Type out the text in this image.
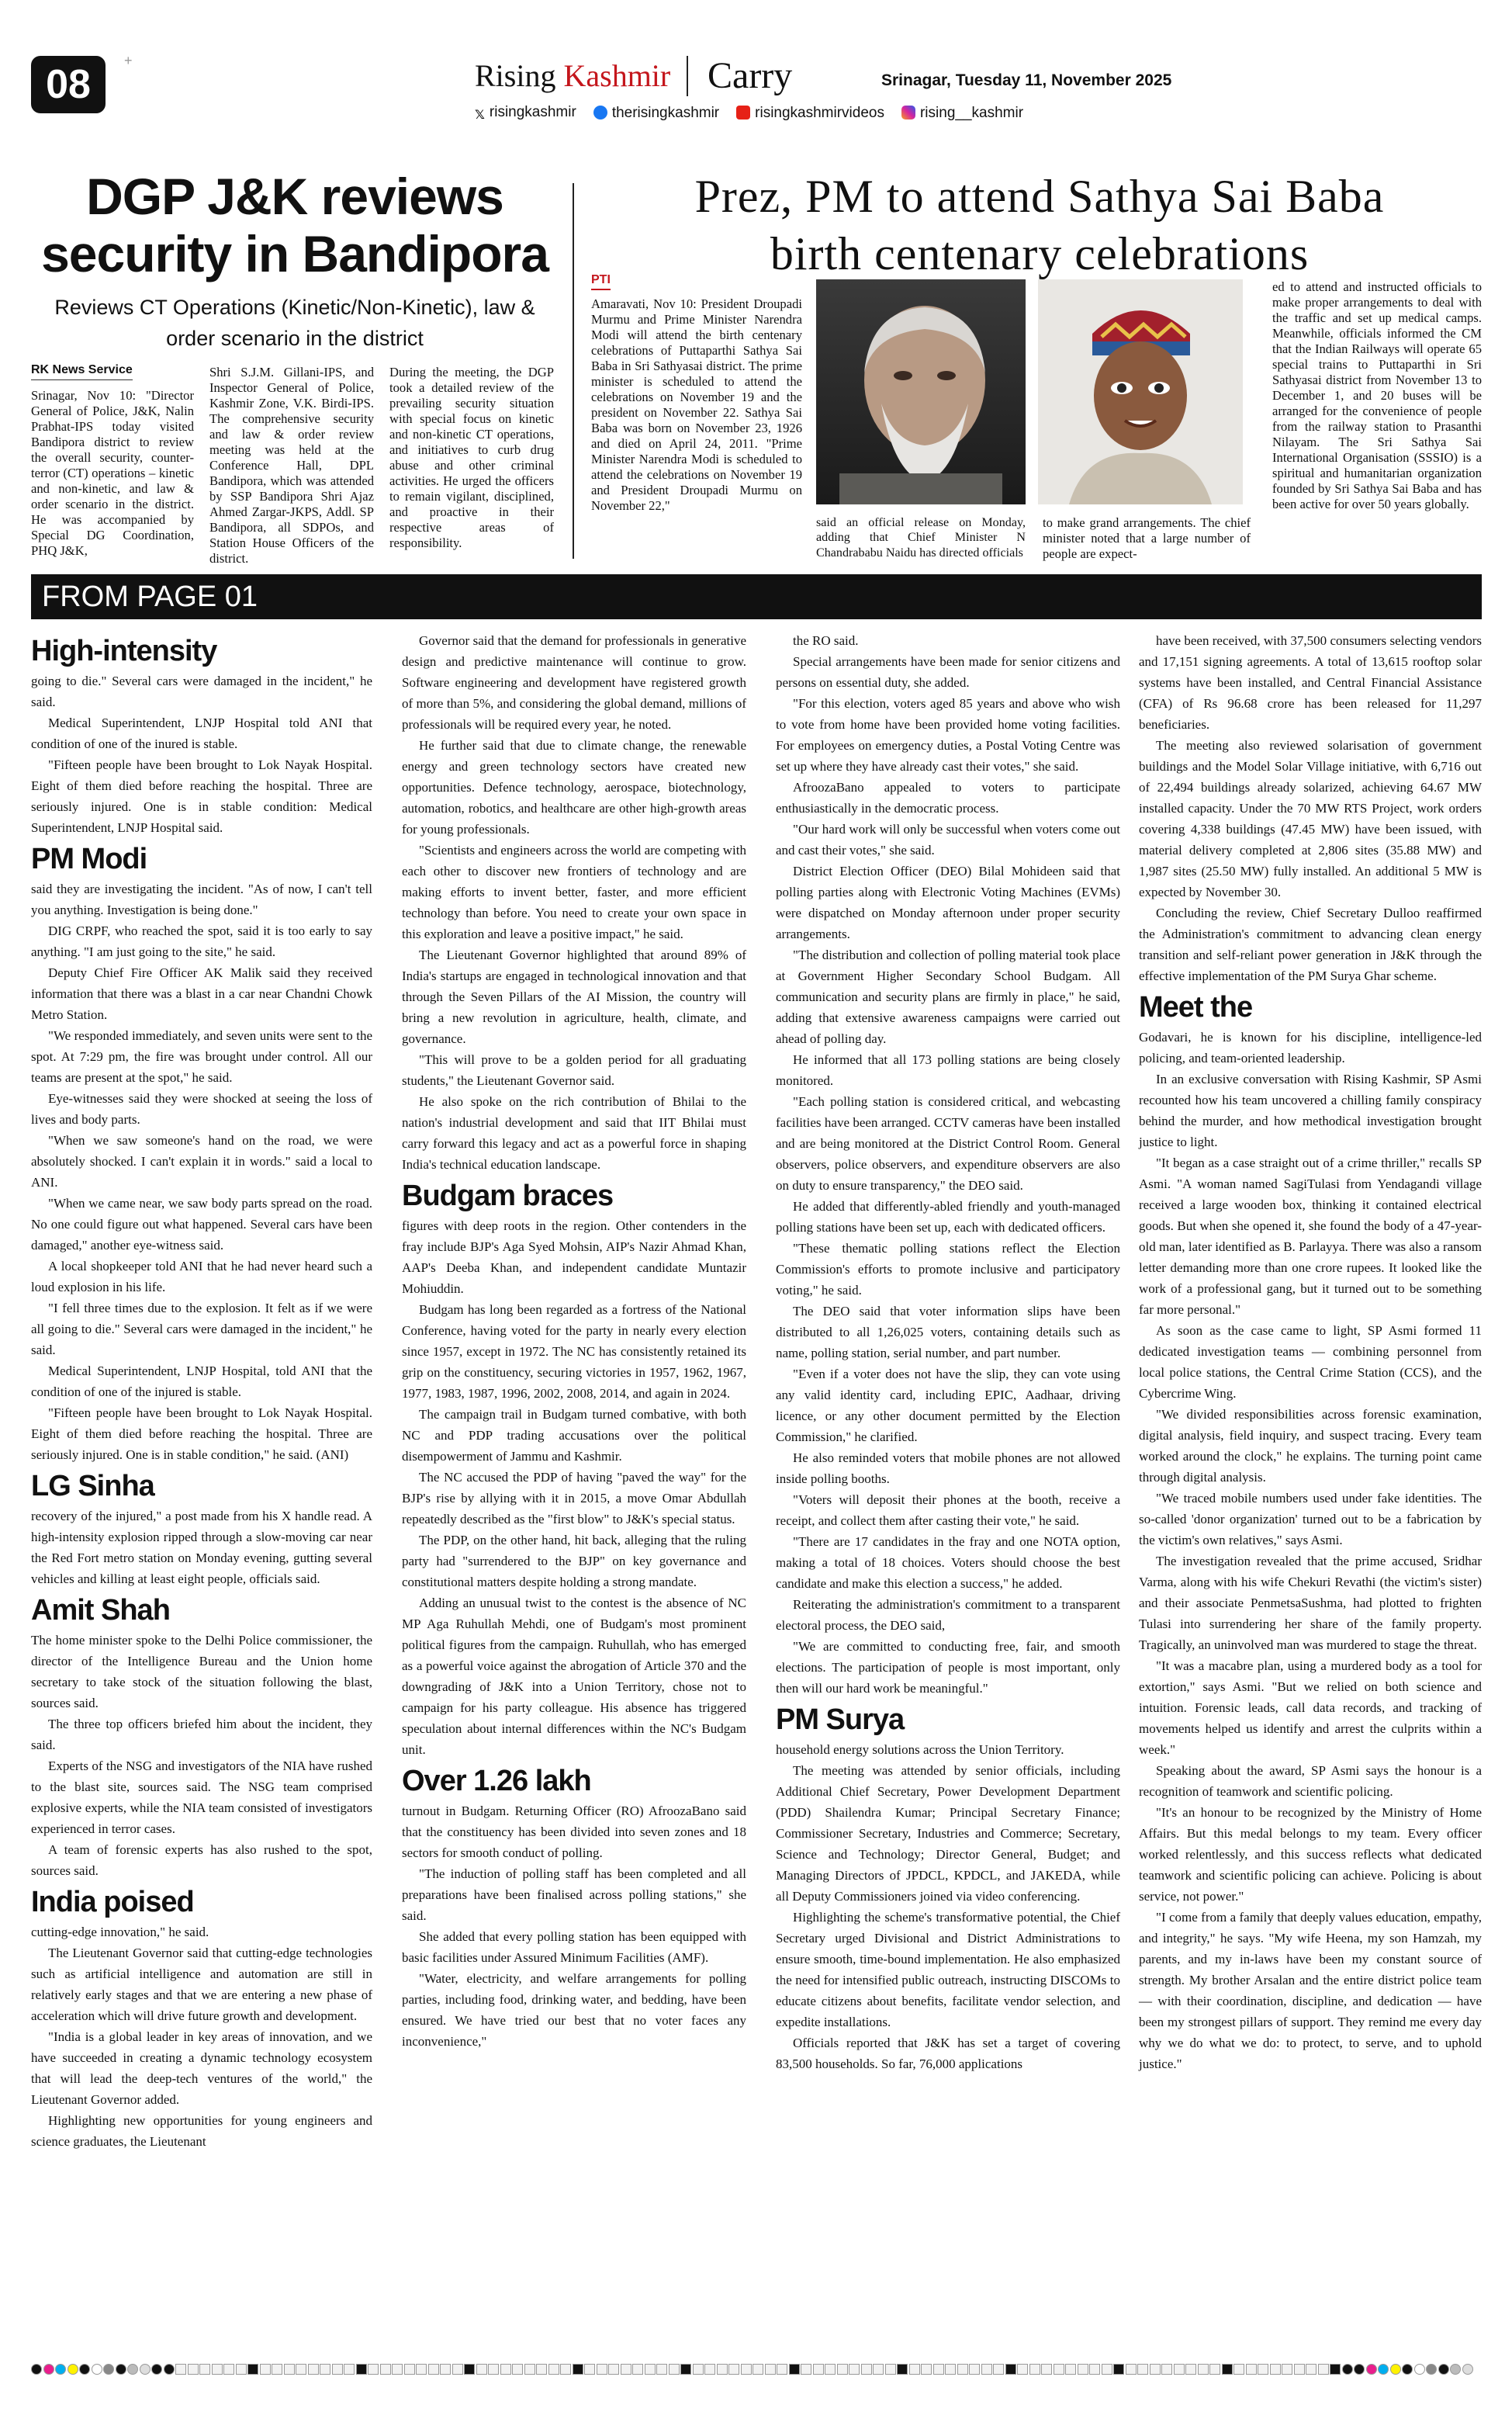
+
08	Rising Kashmir Carry	Srinagar, Tuesday 11, November 2025
𝕏 risingkashmir	therisingkashmir	risingkashmirvideos	rising__kashmir
DGP J&K reviews security in Bandipora
Reviews CT Operations (Kinetic/Non-Kinetic), law & order scenario in the district
RK News Service

Srinagar, Nov 10: "Director General of Police, J&K, Nalin Prabhat-IPS today visited Bandipora district to review the overall security, counter-terror (CT) operations – kinetic and non-kinetic, and law & order scenario in the district. He was accompanied by Special DG Coordination, PHQ J&K,

Shri S.J.M. Gillani-IPS, and Inspector General of Police, Kashmir Zone, V.K. Birdi-IPS. The comprehensive security and law & order review meeting was held at the Conference Hall, DPL Bandipora, which was attended by SSP Bandipora Shri Ajaz Ahmed Zargar-JKPS, Addl. SP Bandipora, all SDPOs, and Station House Officers of the district.

During the meeting, the DGP took a detailed review of the prevailing security situation with special focus on kinetic and non-kinetic CT operations, and initiatives to curb drug abuse and other criminal activities. He urged the officers to remain vigilant, disciplined, and proactive in their respective areas of responsibility.

Prez, PM to attend Sathya Sai Baba
birth centenary celebrations
PTI

Amaravati, Nov 10: President Droupadi Murmu and Prime Minister Narendra Modi will attend the birth centenary celebrations of Puttaparthi Sathya Sai Baba in Sri Sathyasai district. The prime minister is scheduled to attend the celebrations on November 19 and the president on November 22. Sathya Sai Baba was born on November 23, 1926 and died on April 24, 2011. "Prime Minister Narendra Modi is scheduled to attend the celebrations on November 19 and President Droupadi Murmu on November 22,"

said an official release on Monday, adding that Chief Minister N Chandrababu Naidu has directed officials

to make grand arrangements. The chief minister noted that a large number of people are expect-

ed to attend and instructed officials to make proper arrangements to deal with the traffic and set up medical camps. Meanwhile, officials informed the CM that the Indian Railways will operate 65 special trains to Puttaparthi in Sri Sathyasai district from November 13 to December 1, and 20 buses will be arranged for the convenience of people from the railway station to Prasanthi Nilayam. The Sri Sathya Sai International Organisation (SSSIO) is a spiritual and humanitarian organization founded by Sri Sathya Sai Baba and has been active for over 50 years globally.

FROM PAGE 01
High-intensity

going to die." Several cars were damaged in the incident," he said.

Medical Superintendent, LNJP Hospital told ANI that condition of one of the inured is stable.

"Fifteen people have been brought to Lok Nayak Hospital. Eight of them died before reaching the hospital. Three are seriously injured. One is in stable condition: Medical Superintendent, LNJP Hospital said.

PM Modi

said they are investigating the incident. "As of now, I can't tell you anything. Investigation is being done."

DIG CRPF, who reached the spot, said it is too early to say anything. "I am just going to the site," he said.

Deputy Chief Fire Officer AK Malik said they received information that there was a blast in a car near Chandni Chowk Metro Station.

"We responded immediately, and seven units were sent to the spot. At 7:29 pm, the fire was brought under control. All our teams are present at the spot," he said.

Eye-witnesses said they were shocked at seeing the loss of lives and body parts.

"When we saw someone's hand on the road, we were absolutely shocked. I can't explain it in words." said a local to ANI.

"When we came near, we saw body parts spread on the road. No one could figure out what happened. Several cars have been damaged," another eye-witness said.

A local shopkeeper told ANI that he had never heard such a loud explosion in his life.

"I fell three times due to the explosion. It felt as if we were all going to die." Several cars were damaged in the incident," he said.

Medical Superintendent, LNJP Hospital, told ANI that the condition of one of the injured is stable.

"Fifteen people have been brought to Lok Nayak Hospital. Eight of them died before reaching the hospital. Three are seriously injured. One is in stable condition," he said. (ANI)

LG Sinha

recovery of the injured," a post made from his X handle read. A high-intensity explosion ripped through a slow-moving car near the Red Fort metro station on Monday evening, gutting several vehicles and killing at least eight people, officials said.

Amit Shah

The home minister spoke to the Delhi Police commissioner, the director of the Intelligence Bureau and the Union home secretary to take stock of the situation following the blast, sources said.

The three top officers briefed him about the incident, they said.

Experts of the NSG and investigators of the NIA have rushed to the blast site, sources said. The NSG team comprised explosive experts, while the NIA team consisted of investigators experienced in terror cases.

A team of forensic experts has also rushed to the spot, sources said.

India poised

cutting-edge innovation," he said.

The Lieutenant Governor said that cutting-edge technologies such as artificial intelligence and automation are still in relatively early stages and that we are entering a new phase of acceleration which will drive future growth and development.

"India is a global leader in key areas of innovation, and we have succeeded in creating a dynamic technology ecosystem that will lead the deep-tech ventures of the world," the Lieutenant Governor added.

Highlighting new opportunities for young engineers and science graduates, the Lieutenant

Governor said that the demand for professionals in generative design and predictive maintenance will continue to grow. Software engineering and development have registered growth of more than 5%, and considering the global demand, millions of professionals will be required every year, he noted.

He further said that due to climate change, the renewable energy and green technology sectors have created new opportunities. Defence technology, aerospace, biotechnology, automation, robotics, and healthcare are other high-growth areas for young professionals.

"Scientists and engineers across the world are competing with each other to discover new frontiers of technology and are making efforts to invent better, faster, and more efficient technology than before. You need to create your own space in this exploration and leave a positive impact," he said.

The Lieutenant Governor highlighted that around 89% of India's startups are engaged in technological innovation and that through the Seven Pillars of the AI Mission, the country will bring a new revolution in agriculture, health, climate, and governance.

"This will prove to be a golden period for all graduating students," the Lieutenant Governor said.

He also spoke on the rich contribution of Bhilai to the nation's industrial development and said that IIT Bhilai must carry forward this legacy and act as a powerful force in shaping India's technical education landscape.

Budgam braces

figures with deep roots in the region. Other contenders in the fray include BJP's Aga Syed Mohsin, AIP's Nazir Ahmad Khan, AAP's Deeba Khan, and independent candidate Muntazir Mohiuddin.

Budgam has long been regarded as a fortress of the National Conference, having voted for the party in nearly every election since 1957, except in 1972. The NC has consistently retained its grip on the constituency, securing victories in 1957, 1962, 1967, 1977, 1983, 1987, 1996, 2002, 2008, 2014, and again in 2024.

The campaign trail in Budgam turned combative, with both NC and PDP trading accusations over the political disempowerment of Jammu and Kashmir.

The NC accused the PDP of having "paved the way" for the BJP's rise by allying with it in 2015, a move Omar Abdullah repeatedly described as the "first blow" to J&K's special status.

The PDP, on the other hand, hit back, alleging that the ruling party had "surrendered to the BJP" on key governance and constitutional matters despite holding a strong mandate.

Adding an unusual twist to the contest is the absence of NC MP Aga Ruhullah Mehdi, one of Budgam's most prominent political figures from the campaign. Ruhullah, who has emerged as a powerful voice against the abrogation of Article 370 and the downgrading of J&K into a Union Territory, chose not to campaign for his party colleague. His absence has triggered speculation about internal differences within the NC's Budgam unit.

Over 1.26 lakh

turnout in Budgam. Returning Officer (RO) AfroozaBano said that the constituency has been divided into seven zones and 18 sectors for smooth conduct of polling.

"The induction of polling staff has been completed and all preparations have been finalised across polling stations," she said.

She added that every polling station has been equipped with basic facilities under Assured Minimum Facilities (AMF).

"Water, electricity, and welfare arrangements for polling parties, including food, drinking water, and bedding, have been ensured. We have tried our best that no voter faces any inconvenience,"

the RO said.

Special arrangements have been made for senior citizens and persons on essential duty, she added.

"For this election, voters aged 85 years and above who wish to vote from home have been provided home voting facilities. For employees on emergency duties, a Postal Voting Centre was set up where they have already cast their votes," she said.

AfroozaBano appealed to voters to participate enthusiastically in the democratic process.

"Our hard work will only be successful when voters come out and cast their votes," she said.

District Election Officer (DEO) Bilal Mohideen said that polling parties along with Electronic Voting Machines (EVMs) were dispatched on Monday afternoon under proper security arrangements.

"The distribution and collection of polling material took place at Government Higher Secondary School Budgam. All communication and security plans are firmly in place," he said, adding that extensive awareness campaigns were carried out ahead of polling day.

He informed that all 173 polling stations are being closely monitored.

"Each polling station is considered critical, and webcasting facilities have been arranged. CCTV cameras have been installed and are being monitored at the District Control Room. General observers, police observers, and expenditure observers are also on duty to ensure transparency," the DEO said.

He added that differently-abled friendly and youth-managed polling stations have been set up, each with dedicated officers.

"These thematic polling stations reflect the Election Commission's efforts to promote inclusive and participatory voting," he said.

The DEO said that voter information slips have been distributed to all 1,26,025 voters, containing details such as name, polling station, serial number, and part number.

"Even if a voter does not have the slip, they can vote using any valid identity card, including EPIC, Aadhaar, driving licence, or any other document permitted by the Election Commission," he clarified.

He also reminded voters that mobile phones are not allowed inside polling booths.

"Voters will deposit their phones at the booth, receive a receipt, and collect them after casting their vote," he said.

"There are 17 candidates in the fray and one NOTA option, making a total of 18 choices. Voters should choose the best candidate and make this election a success," he added.

Reiterating the administration's commitment to a transparent electoral process, the DEO said,

"We are committed to conducting free, fair, and smooth elections. The participation of people is most important, only then will our hard work be meaningful."

PM Surya

household energy solutions across the Union Territory.

The meeting was attended by senior officials, including Additional Chief Secretary, Power Development Department (PDD) Shailendra Kumar; Principal Secretary Finance; Commissioner Secretary, Industries and Commerce; Secretary, Science and Technology; Director General, Budget; and Managing Directors of JPDCL, KPDCL, and JAKEDA, while all Deputy Commissioners joined via video conferencing.

Highlighting the scheme's transformative potential, the Chief Secretary urged Divisional and District Administrations to ensure smooth, time-bound implementation. He also emphasized the need for intensified public outreach, instructing DISCOMs to educate citizens about benefits, facilitate vendor selection, and expedite installations.

Officials reported that J&K has set a target of covering 83,500 households. So far, 76,000 applications

have been received, with 37,500 consumers selecting vendors and 17,151 signing agreements. A total of 13,615 rooftop solar systems have been installed, and Central Financial Assistance (CFA) of Rs 96.68 crore has been released for 11,297 beneficiaries.

The meeting also reviewed solarisation of government buildings and the Model Solar Village initiative, with 6,716 out of 22,494 buildings already solarized, achieving 64.67 MW installed capacity. Under the 70 MW RTS Project, work orders covering 4,338 buildings (47.45 MW) have been issued, with material delivery completed at 2,806 sites (35.88 MW) and 1,987 sites (25.50 MW) fully installed. An additional 5 MW is expected by November 30.

Concluding the review, Chief Secretary Dulloo reaffirmed the Administration's commitment to advancing clean energy transition and self-reliant power generation in J&K through the effective implementation of the PM Surya Ghar scheme.

Meet the

Godavari, he is known for his discipline, intelligence-led policing, and team-oriented leadership.

In an exclusive conversation with Rising Kashmir, SP Asmi recounted how his team uncovered a chilling family conspiracy behind the murder, and how methodical investigation brought justice to light.

"It began as a case straight out of a crime thriller," recalls SP Asmi. "A woman named SagiTulasi from Yendagandi village received a large wooden box, thinking it contained electrical goods. But when she opened it, she found the body of a 47-year-old man, later identified as B. Parlayya. There was also a ransom letter demanding more than one crore rupees. It looked like the work of a professional gang, but it turned out to be something far more personal."

As soon as the case came to light, SP Asmi formed 11 dedicated investigation teams — combining personnel from local police stations, the Central Crime Station (CCS), and the Cybercrime Wing.

"We divided responsibilities across forensic examination, digital analysis, field inquiry, and suspect tracing. Every team worked around the clock," he explains. The turning point came through digital analysis.

"We traced mobile numbers used under fake identities. The so-called 'donor organization' turned out to be a fabrication by the victim's own relatives," says Asmi.

The investigation revealed that the prime accused, Sridhar Varma, along with his wife Chekuri Revathi (the victim's sister) and their associate PenmetsaSushma, had plotted to frighten Tulasi into surrendering her share of the family property. Tragically, an uninvolved man was murdered to stage the threat.

"It was a macabre plan, using a murdered body as a tool for extortion," says Asmi. "But we relied on both science and intuition. Forensic leads, call data records, and tracking of movements helped us identify and arrest the culprits within a week."

Speaking about the award, SP Asmi says the honour is a recognition of teamwork and scientific policing.

"It's an honour to be recognized by the Ministry of Home Affairs. But this medal belongs to my team. Every officer worked relentlessly, and this success reflects what dedicated teamwork and scientific policing can achieve. Policing is about service, not power."

"I come from a family that deeply values education, empathy, and integrity," he says. "My wife Heena, my son Hamzah, my parents, and my in-laws have been my constant source of strength. My brother Arsalan and the entire district police team — with their coordination, discipline, and dedication — have been my strongest pillars of support. They remind me every day why we do what we do: to protect, to serve, and to uphold justice."
